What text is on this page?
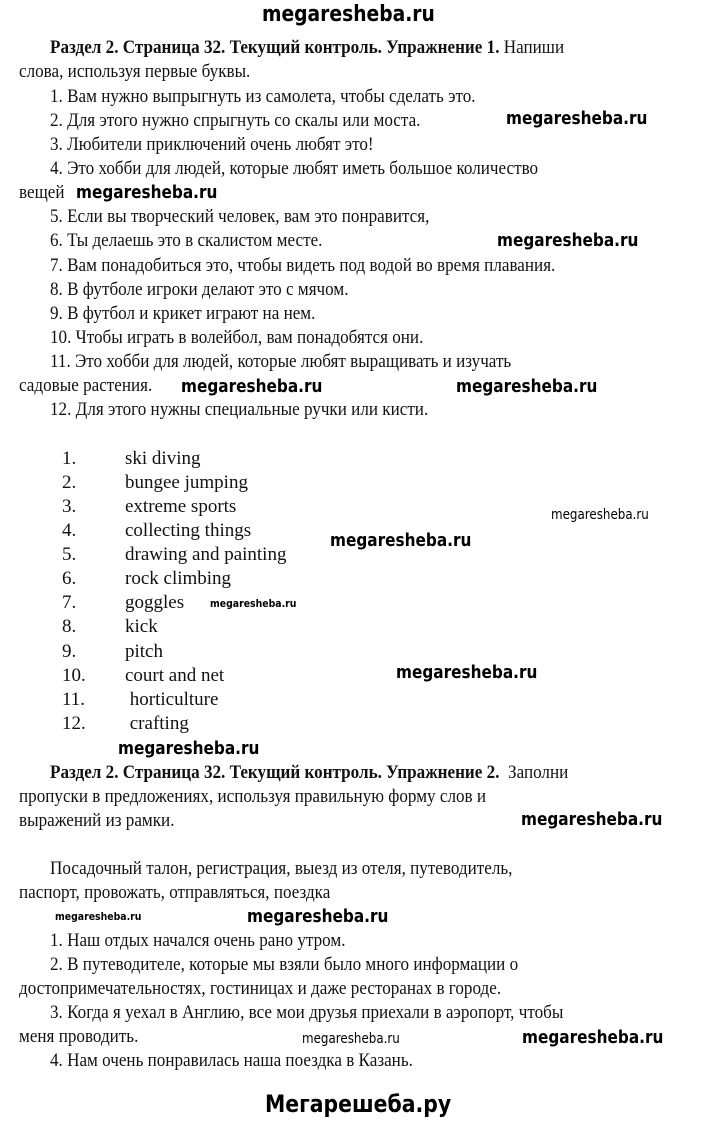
megaresheba.ru
Раздел 2. Страница 32. Текущий контроль. Упражнение 1. Напиши
слова, используя первые буквы.
1. Вам нужно выпрыгнуть из самолета, чтобы сделать это.
2. Для этого нужно спрыгнуть со скалы или моста.
3. Любители приключений очень любят это!
4. Это хобби для людей, которые любят иметь большое количество
вещей
5. Если вы творческий человек, вам это понравится,
6. Ты делаешь это в скалистом месте.
7. Вам понадобиться это, чтобы видеть под водой во время плавания.
8. В футболе игроки делают это с мячом.
9. В футбол и крикет играют на нем.
10. Чтобы играть в волейбол, вам понадобятся они.
11. Это хобби для людей, которые любят выращивать и изучать
садовые растения.
12. Для этого нужны специальные ручки или кисти.
1.	ski diving
2.	bungee jumping
3.	extreme sports
4.	collecting things
5.	drawing and painting
6.	rock climbing
7.	goggles
8.	kick
9.	pitch
10. court and net
11. horticulture
12. crafting
Раздел 2. Страница 32. Текущий контроль. Упражнение 2. Заполни
пропуски в предложениях, используя правильную форму слов и
выражений из рамки.
Посадочный талон, регистрация, выезд из отеля, путеводитель,
паспорт, провожать, отправляться, поездка
1. Наш отдых начался очень рано утром.
2. В путеводителе, которые мы взяли было много информации о
достопримечательностях, гостиницах и даже ресторанах в городе.
3. Когда я уехал в Англию, все мои друзья приехали в аэропорт, чтобы
меня проводить.
4. Нам очень понравилась наша поездка в Казань.
megaresheba.ru
megaresheba.ru
megaresheba.ru
megaresheba.ru	megaresheba.ru
megaresheba.ru
megaresheba.ru
megaresheba.ru
megaresheba.ru
megaresheba.ru
megaresheba.ru
megaresheba.ru	megaresheba.ru
megaresheba.ru	megaresheba.ru
Мегарешеба.ру
